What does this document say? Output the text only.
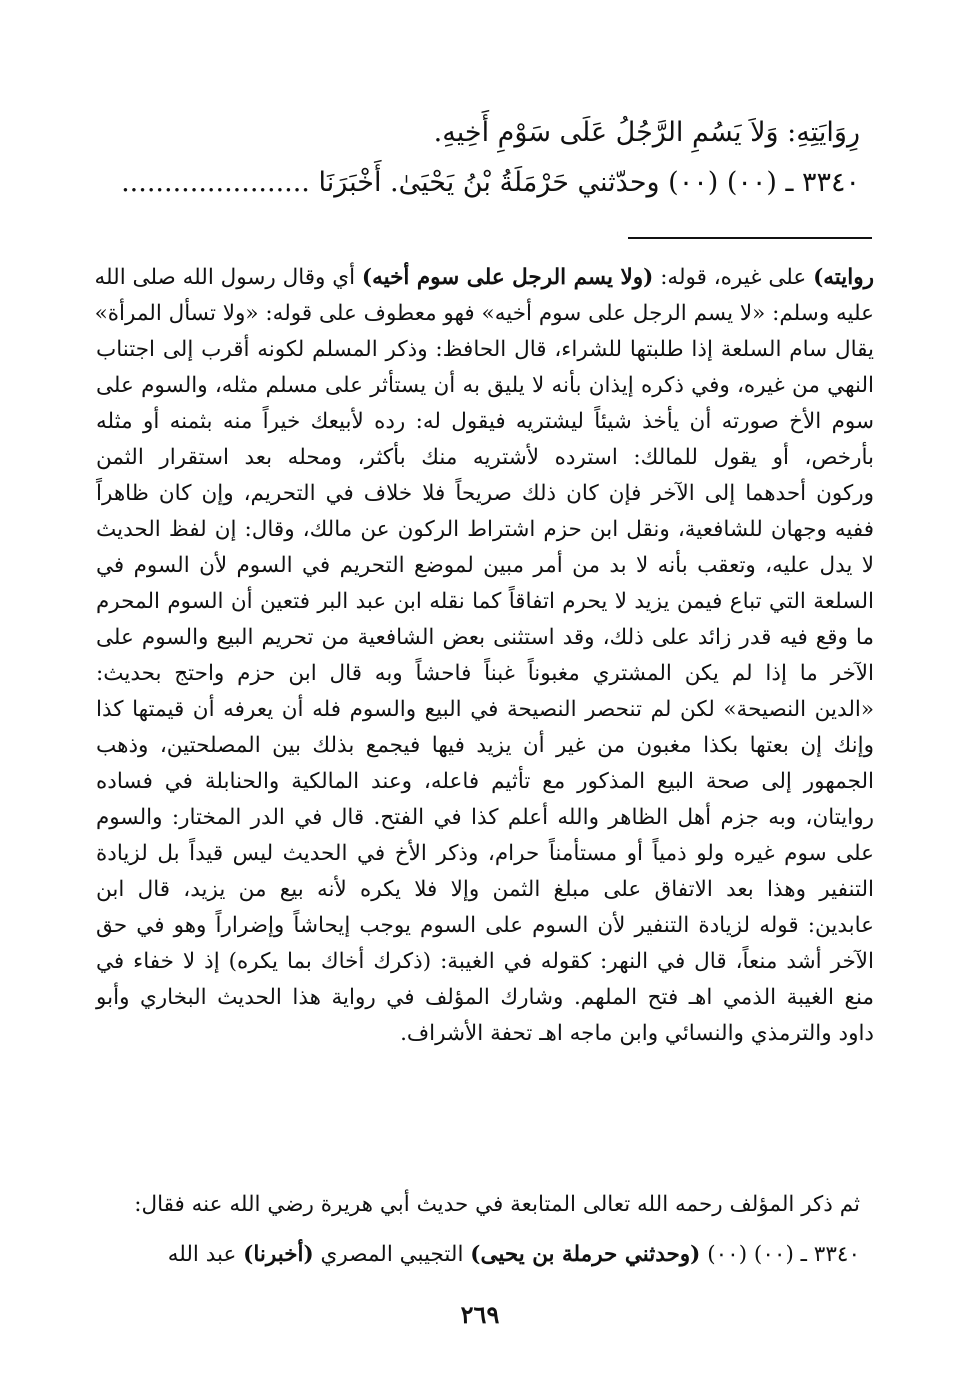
رِوَايَتِهِ: وَلاَ يَسُمِ الرَّجُلُ عَلَى سَوْمِ أَخِيهِ.

٣٣٤٠ ـ (٠٠) (٠٠) وحدّثني حَرْمَلَةُ بْنُ يَحْيَىٰ. أَخْبَرَنَا ......................

روايته) على غيره، قوله: (ولا يسم الرجل على سوم أخيه) أي وقال رسول الله صلى الله

عليه وسلم: «لا يسم الرجل على سوم أخيه» فهو معطوف على قوله: «ولا تسأل المرأة»

يقال سام السلعة إذا طلبتها للشراء، قال الحافظ: وذكر المسلم لكونه أقرب إلى اجتناب

النهي من غيره، وفي ذكره إيذان بأنه لا يليق به أن يستأثر على مسلم مثله، والسوم على

سوم الأخ صورته أن يأخذ شيئاً ليشتريه فيقول له: رده لأبيعك خيراً منه بثمنه أو مثله

بأرخص، أو يقول للمالك: استرده لأشتريه منك بأكثر، ومحله بعد استقرار الثمن

وركون أحدهما إلى الآخر فإن كان ذلك صريحاً فلا خلاف في التحريم، وإن كان ظاهراً

ففيه وجهان للشافعية، ونقل ابن حزم اشتراط الركون عن مالك، وقال: إن لفظ الحديث

لا يدل عليه، وتعقب بأنه لا بد من أمر مبين لموضع التحريم في السوم لأن السوم في

السلعة التي تباع فيمن يزيد لا يحرم اتفاقاً كما نقله ابن عبد البر فتعين أن السوم المحرم

ما وقع فيه قدر زائد على ذلك، وقد استثنى بعض الشافعية من تحريم البيع والسوم على

الآخر ما إذا لم يكن المشتري مغبوناً غبناً فاحشاً وبه قال ابن حزم واحتج بحديث:

«الدين النصيحة» لكن لم تنحصر النصيحة في البيع والسوم فله أن يعرفه أن قيمتها كذا

وإنك إن بعتها بكذا مغبون من غير أن يزيد فيها فيجمع بذلك بين المصلحتين، وذهب

الجمهور إلى صحة البيع المذكور مع تأثيم فاعله، وعند المالكية والحنابلة في فساده

روايتان، وبه جزم أهل الظاهر والله أعلم كذا في الفتح. قال في الدر المختار: والسوم

على سوم غيره ولو ذمياً أو مستأمناً حرام، وذكر الأخ في الحديث ليس قيداً بل لزيادة

التنفير وهذا بعد الاتفاق على مبلغ الثمن وإلا فلا يكره لأنه بيع من يزيد، قال ابن

عابدين: قوله لزيادة التنفير لأن السوم على السوم يوجب إيحاشاً وإضراراً وهو في حق

الآخر أشد منعاً، قال في النهر: كقوله في الغيبة: (ذكرك أخاك بما يكره) إذ لا خفاء في

منع الغيبة الذمي اهـ فتح الملهم. وشارك المؤلف في رواية هذا الحديث البخاري وأبو

داود والترمذي والنسائي وابن ماجه اهـ تحفة الأشراف.

ثم ذكر المؤلف رحمه الله تعالى المتابعة في حديث أبي هريرة رضي الله عنه فقال:

٣٣٤٠ ـ (٠٠) (٠٠) (وحدثني حرملة بن يحيى) التجيبي المصري (أخبرنا) عبد الله

٢٦٩
